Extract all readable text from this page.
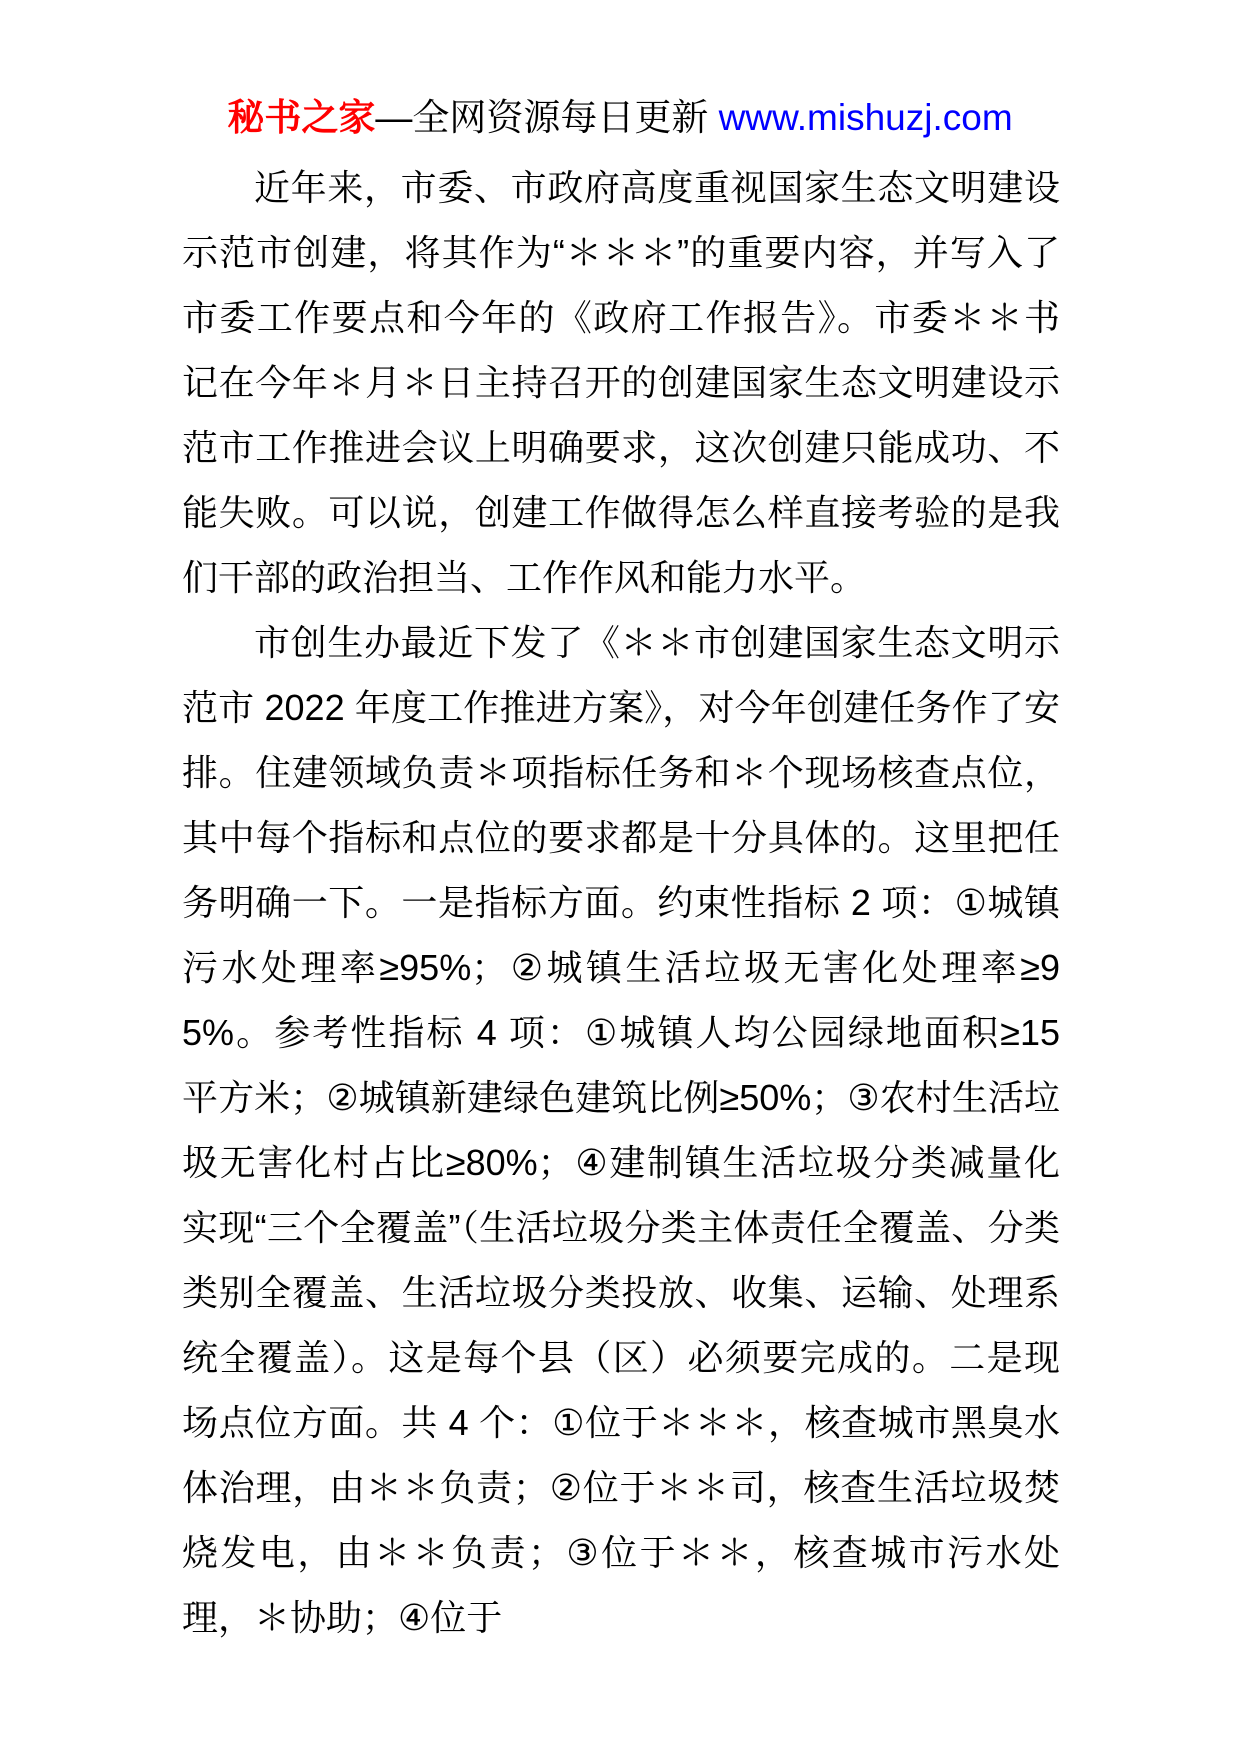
秘书之家—全网资源每日更新 www.mishuzj.com

近年来，市委、市政府高度重视国家生态文明建设示范市创建，将其作为“＊＊＊”的重要内容，并写入了市委工作要点和今年的《政府工作报告》。市委＊＊书记在今年＊月＊日主持召开的创建国家生态文明建设示范市工作推进会议上明确要求，这次创建只能成功、不能失败。可以说，创建工作做得怎么样直接考验的是我们干部的政治担当、工作作风和能力水平。

市创生办最近下发了《＊＊市创建国家生态文明示范市 2022 年度工作推进方案》，对今年创建任务作了安排。住建领域负责＊项指标任务和＊个现场核查点位，其中每个指标和点位的要求都是十分具体的。这里把任务明确一下。一是指标方面。约束性指标 2 项：①城镇污水处理率≥95%；②城镇生活垃圾无害化处理率≥95%。参考性指标 4 项：①城镇人均公园绿地面积≥15 平方米；②城镇新建绿色建筑比例≥50%；③农村生活垃圾无害化村占比≥80%；④建制镇生活垃圾分类减量化实现“三个全覆盖”（生活垃圾分类主体责任全覆盖、分类类别全覆盖、生活垃圾分类投放、收集、运输、处理系统全覆盖）。这是每个县（区）必须要完成的。二是现场点位方面。共 4 个：①位于＊＊＊，核查城市黑臭水体治理，由＊＊负责；②位于＊＊司，核查生活垃圾焚烧发电，由＊＊负责；③位于＊＊，核查城市污水处理，＊协助；④位于
